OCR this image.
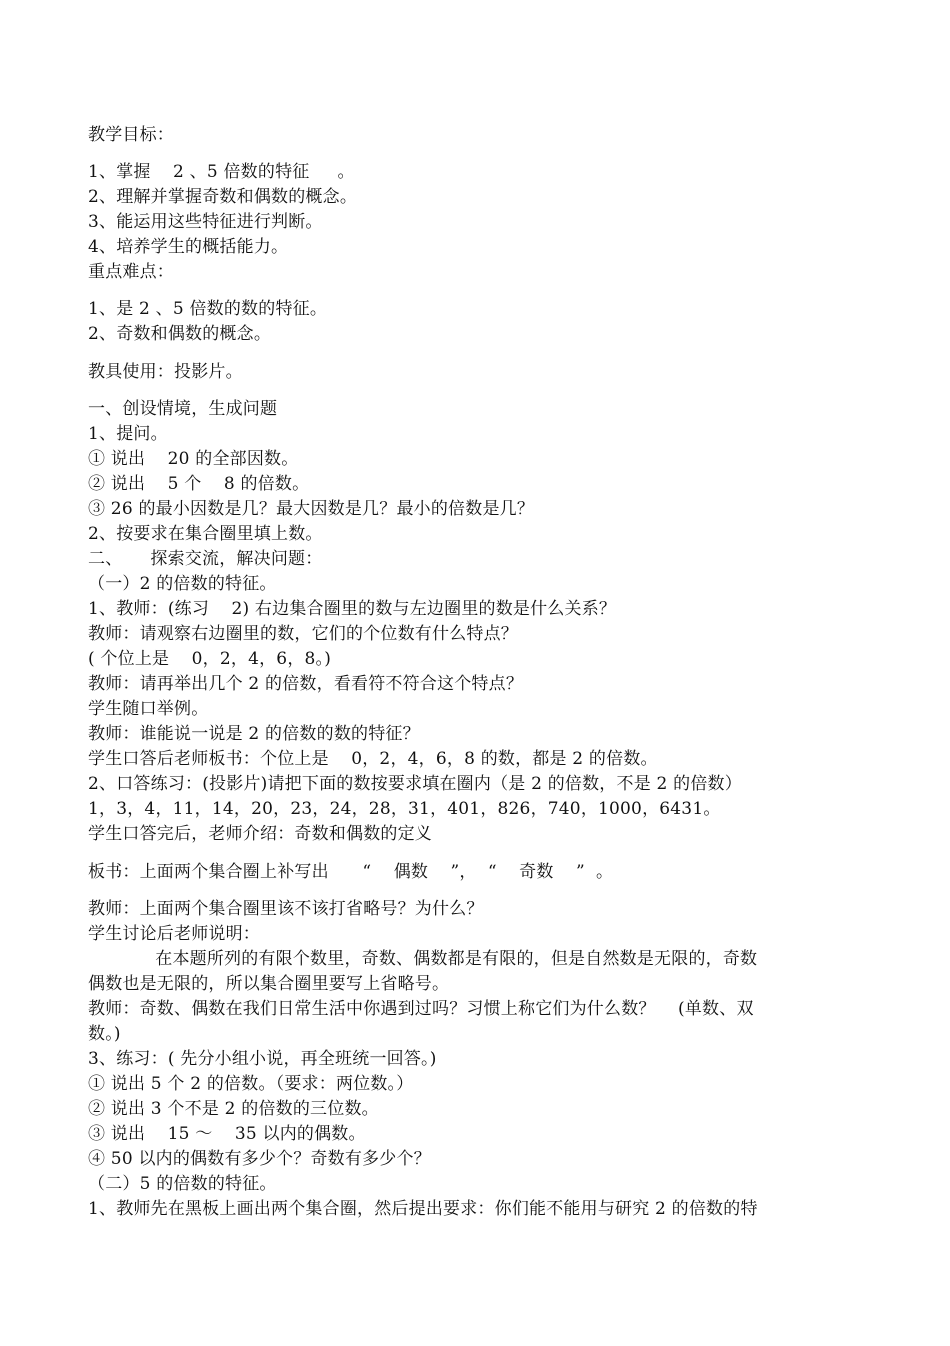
教学目标：

1、掌握    2 、5 倍数的特征     。

2、理解并掌握奇数和偶数的概念。

3、能运用这些特征进行判断。

4、培养学生的概括能力。

重点难点：

1、是 2 、5 倍数的数的特征。

2、奇数和偶数的概念。

教具使用：投影片。

一、创设情境，生成问题

1、提问。

① 说出    20 的全部因数。

② 说出    5 个    8 的倍数。

③ 26 的最小因数是几？最大因数是几？最小的倍数是几？

2、按要求在集合圈里填上数。

二、     探索交流，解决问题：

（一）2 的倍数的特征。

1、教师：(练习    2) 右边集合圈里的数与左边圈里的数是什么关系？

教师：请观察右边圈里的数，它们的个位数有什么特点？

( 个位上是    0，2，4，6，8。)

教师：请再举出几个 2 的倍数，看看符不符合这个特点？

学生随口举例。

教师：谁能说一说是 2 的倍数的数的特征？

学生口答后老师板书：个位上是    0，2，4，6，8 的数，都是 2 的倍数。

2、口答练习：(投影片)请把下面的数按要求填在圈内（是 2 的倍数，不是 2 的倍数）

1，3，4，11，14，20，23，24，28，31，401，826，740，1000，6431。

学生口答完后，老师介绍：奇数和偶数的定义

板书：上面两个集合圈上补写出      “    偶数    ”，  “    奇数    ”  。

教师：上面两个集合圈里该不该打省略号？为什么？

学生讨论后老师说明：

在本题所列的有限个数里，奇数、偶数都是有限的，但是自然数是无限的，奇数

偶数也是无限的，所以集合圈里要写上省略号。

教师：奇数、偶数在我们日常生活中你遇到过吗？习惯上称它们为什么数？    (单数、双

数。)

3、练习：( 先分小组小说，再全班统一回答。)

① 说出 5 个 2 的倍数。（要求：两位数。）

② 说出 3 个不是 2 的倍数的三位数。

③ 说出    15 ～    35 以内的偶数。

④ 50 以内的偶数有多少个？奇数有多少个？

（二）5 的倍数的特征。

1、教师先在黑板上画出两个集合圈，然后提出要求：你们能不能用与研究 2 的倍数的特
